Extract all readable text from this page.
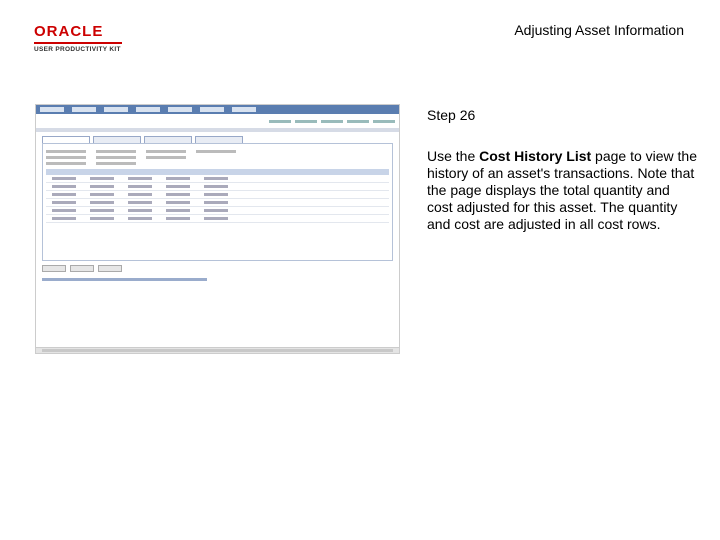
ORACLE
USER PRODUCTIVITY KIT
Adjusting Asset Information
Step 26
Use the Cost History List page to view the history of an asset's transactions. Note that the page displays the total quantity and cost adjusted for this asset. The quantity and cost are adjusted in all cost rows.
